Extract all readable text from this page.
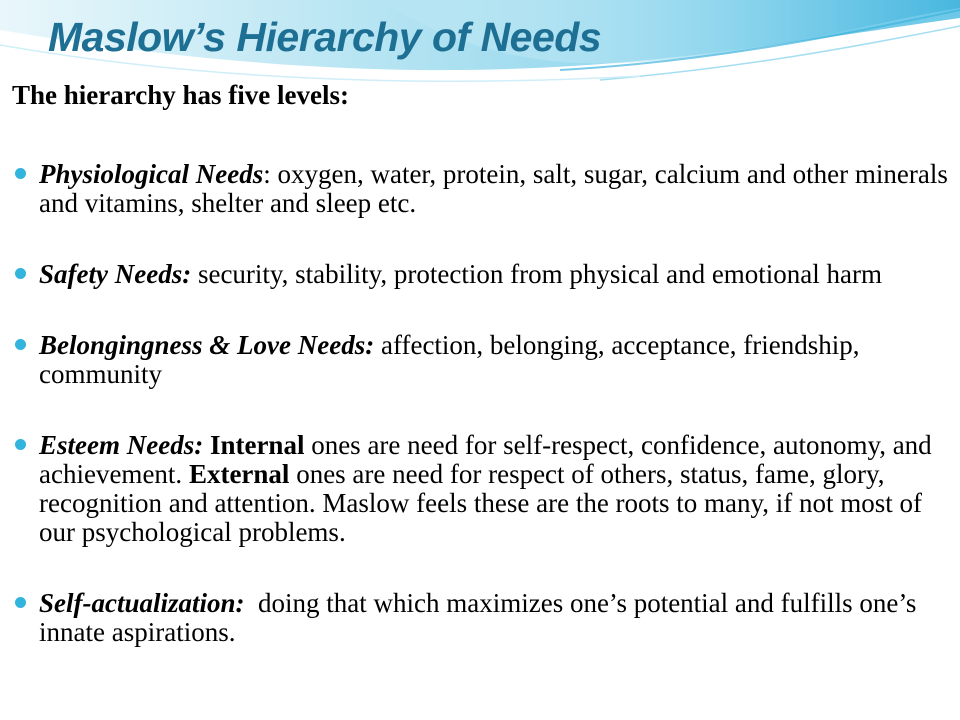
Maslow’s Hierarchy of Needs

The hierarchy has five levels:

Physiological Needs: oxygen, water, protein, salt, sugar, calcium and other minerals and vitamins, shelter and sleep etc.
Safety Needs: security, stability, protection from physical and emotional harm
Belongingness & Love Needs: affection, belonging, acceptance, friendship, community
Esteem Needs: Internal ones are need for self-respect, confidence, autonomy, and achievement. External ones are need for respect of others, status, fame, glory, recognition and attention. Maslow feels these are the roots to many, if not most of our psychological problems.
Self-actualization: doing that which maximizes one’s potential and fulfills one’s innate aspirations.
